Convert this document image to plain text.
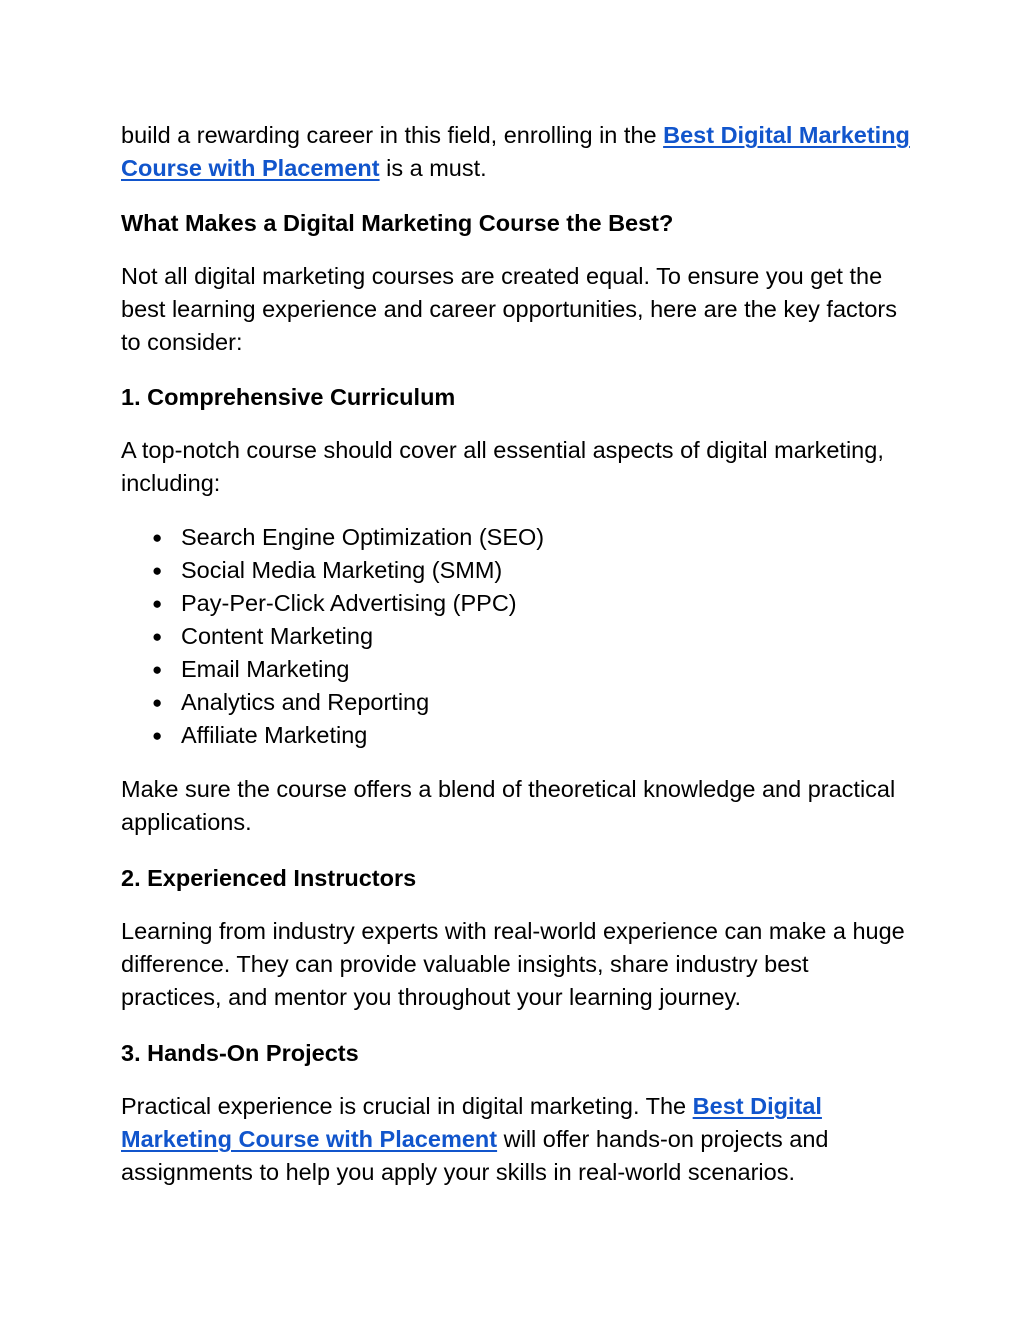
build a rewarding career in this field, enrolling in the Best Digital Marketing Course with Placement is a must.

What Makes a Digital Marketing Course the Best?

Not all digital marketing courses are created equal. To ensure you get the best learning experience and career opportunities, here are the key factors to consider:

1. Comprehensive Curriculum

A top-notch course should cover all essential aspects of digital marketing, including:

● Search Engine Optimization (SEO)
● Social Media Marketing (SMM)
● Pay-Per-Click Advertising (PPC)
● Content Marketing
● Email Marketing
● Analytics and Reporting
● Affiliate Marketing

Make sure the course offers a blend of theoretical knowledge and practical applications.

2. Experienced Instructors

Learning from industry experts with real-world experience can make a huge difference. They can provide valuable insights, share industry best practices, and mentor you throughout your learning journey.

3. Hands-On Projects

Practical experience is crucial in digital marketing. The Best Digital Marketing Course with Placement will offer hands-on projects and assignments to help you apply your skills in real-world scenarios.
